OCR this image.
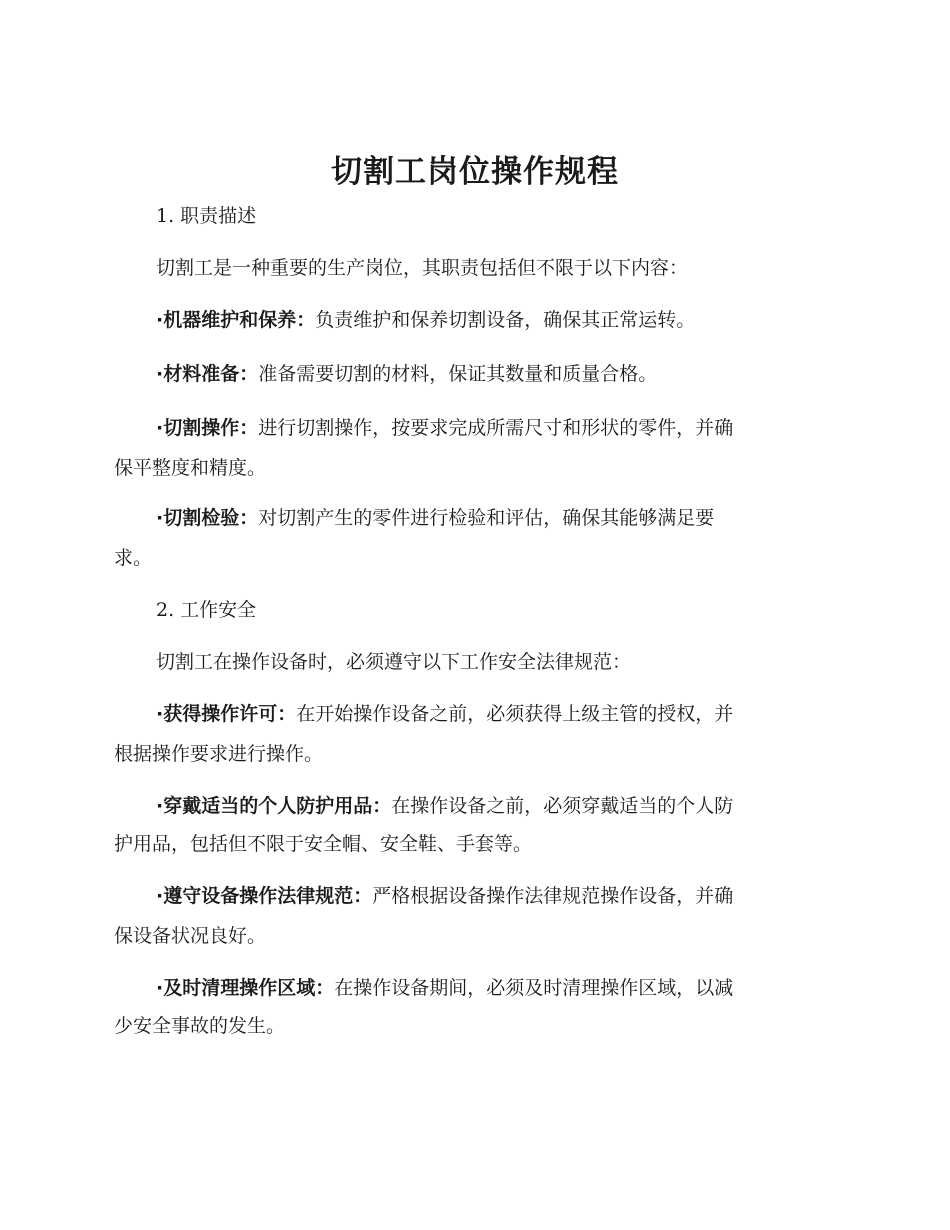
切割工岗位操作规程
1. 职责描述
切割工是一种重要的生产岗位，其职责包括但不限于以下内容：
·机器维护和保养：负责维护和保养切割设备，确保其正常运转。
·材料准备：准备需要切割的材料，保证其数量和质量合格。
·切割操作：进行切割操作，按要求完成所需尺寸和形状的零件，并确
保平整度和精度。
·切割检验：对切割产生的零件进行检验和评估，确保其能够满足要
求。
2. 工作安全
切割工在操作设备时，必须遵守以下工作安全法律规范：
·获得操作许可：在开始操作设备之前，必须获得上级主管的授权，并
根据操作要求进行操作。
·穿戴适当的个人防护用品：在操作设备之前，必须穿戴适当的个人防
护用品，包括但不限于安全帽、安全鞋、手套等。
·遵守设备操作法律规范：严格根据设备操作法律规范操作设备，并确
保设备状况良好。
·及时清理操作区域：在操作设备期间，必须及时清理操作区域，以减
少安全事故的发生。
